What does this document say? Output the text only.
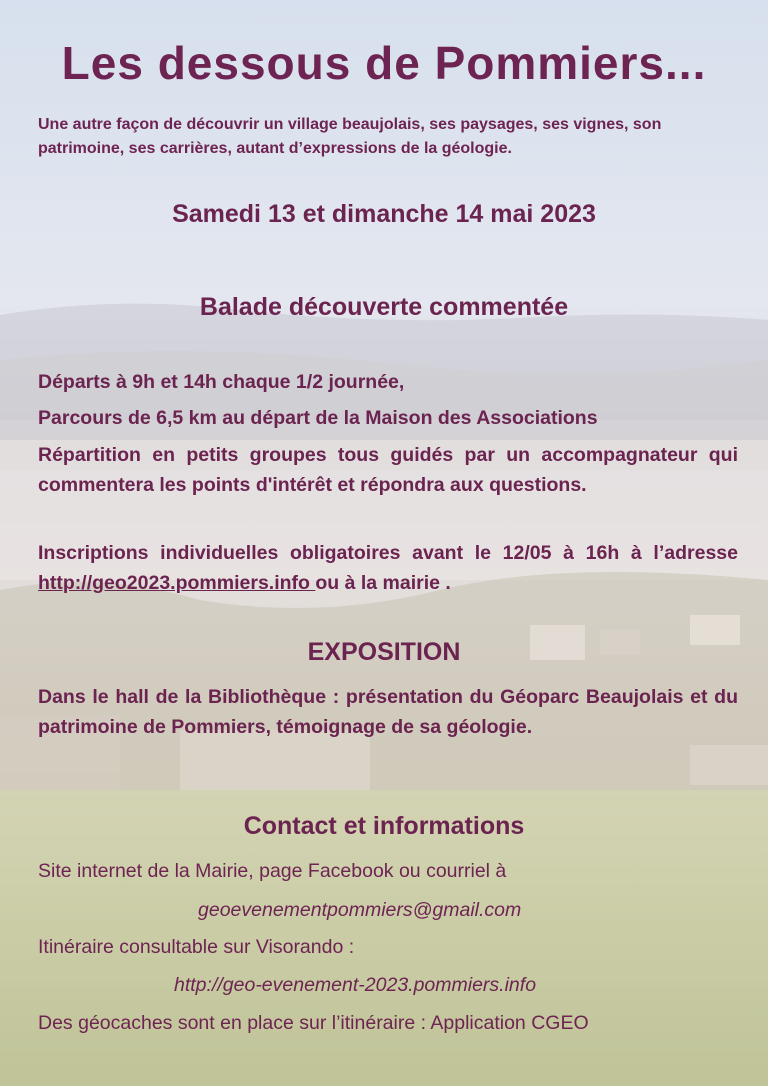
Les dessous de Pommiers...
Une autre façon de découvrir un village beaujolais, ses paysages, ses vignes, son patrimoine, ses carrières, autant d’expressions de la géologie.
Samedi 13 et dimanche 14 mai 2023
Balade découverte commentée
Départs à 9h et 14h chaque 1/2 journée,
Parcours de 6,5 km au départ de la Maison des Associations
Répartition en petits groupes tous guidés par un accompagnateur qui commentera les points d'intérêt et répondra aux questions.
Inscriptions individuelles obligatoires avant le 12/05 à 16h à l’adresse http://geo2023.pommiers.info ou à la mairie .
EXPOSITION
Dans le hall de la Bibliothèque : présentation du Géoparc Beaujolais et du patrimoine de Pommiers, témoignage de sa géologie.
Contact et informations
Site internet de la Mairie, page Facebook ou courriel à
geoevenementpommiers@gmail.com
Itinéraire consultable sur Visorando :
http://geo-evenement-2023.pommiers.info
Des géocaches sont en place sur l’itinéraire : Application CGEO
